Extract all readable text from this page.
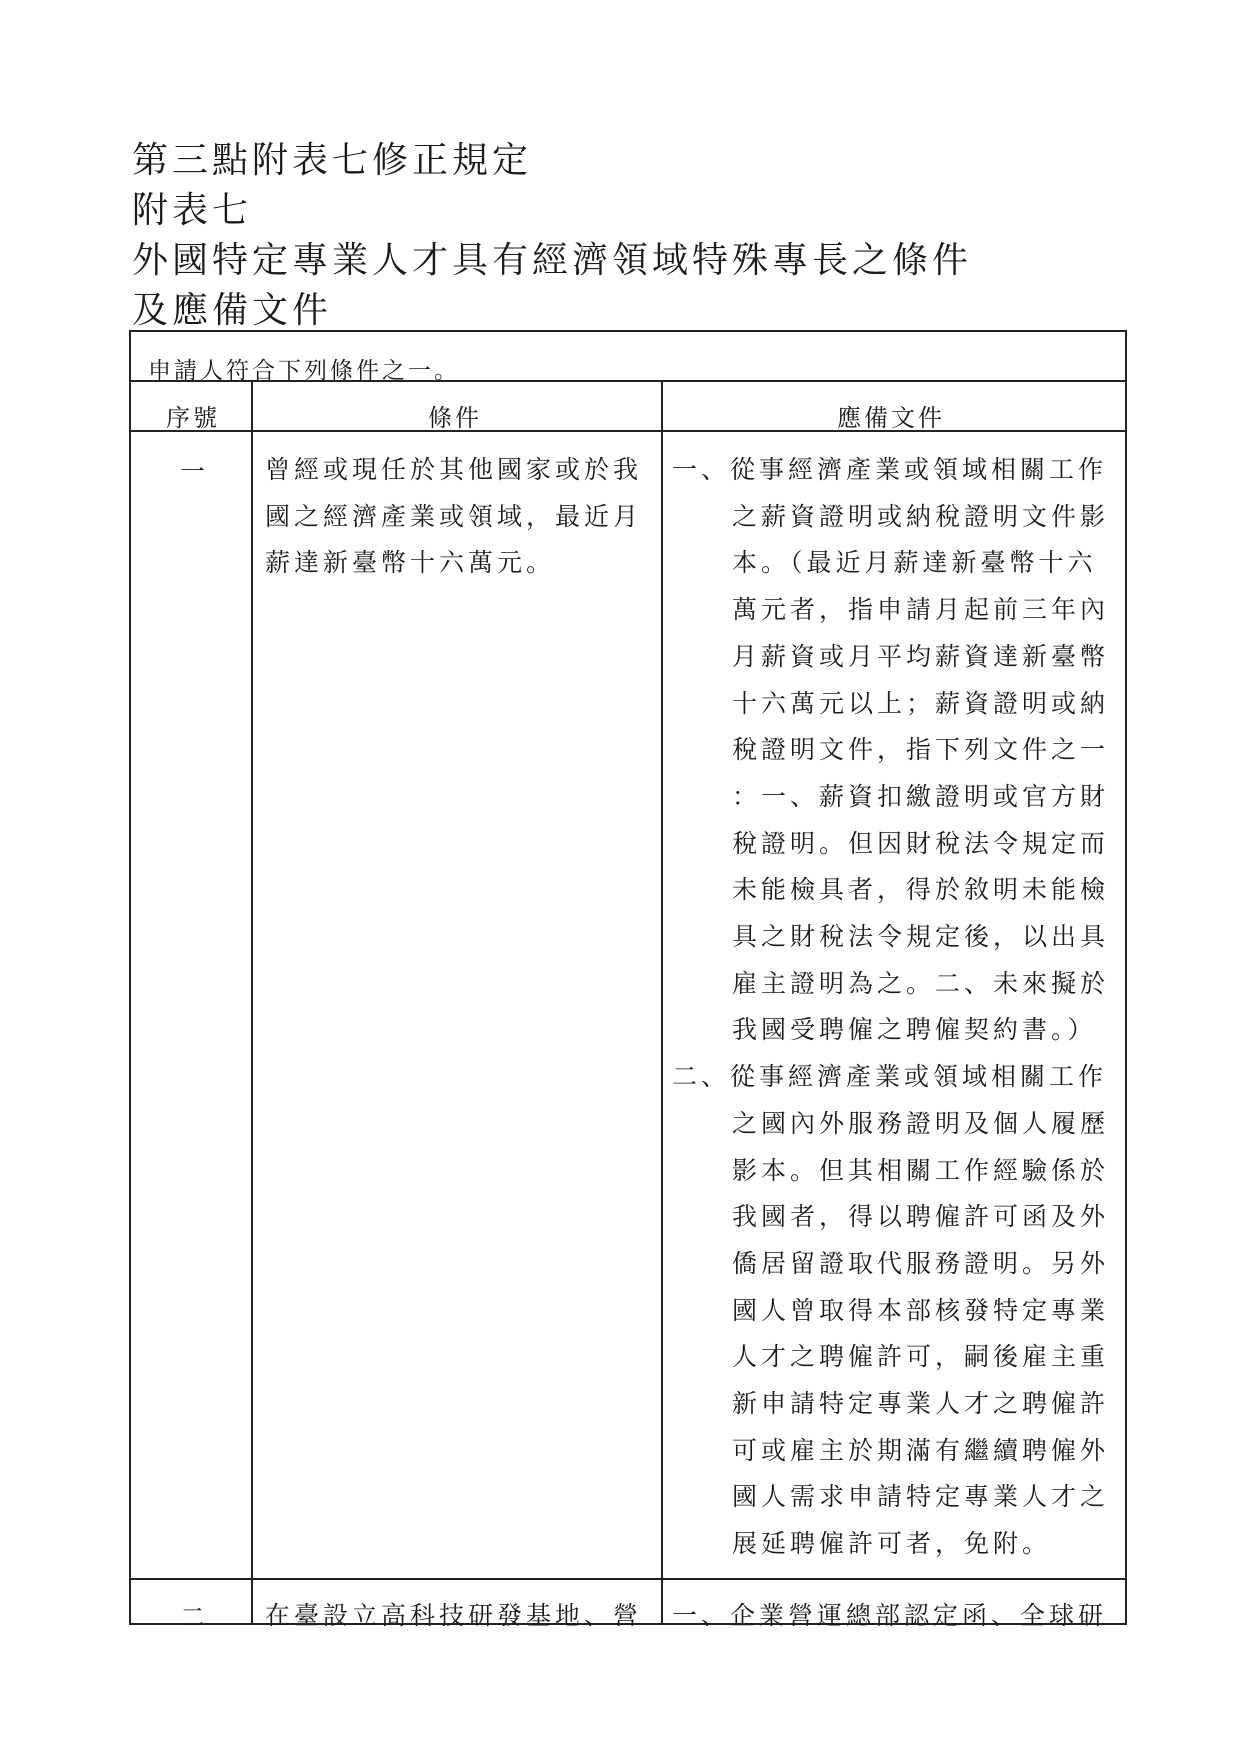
第三點附表七修正規定
附表七
外國特定專業人才具有經濟領域特殊專長之條件
及應備文件
申請人符合下列條件之一。
序號	條件	應備文件
一 曾經或現任於其他國家或於我
國之經濟產業或領域，最近月
薪達新臺幣十六萬元。
一、從事經濟產業或領域相關工作
之薪資證明或納稅證明文件影
本。（最近月薪達新臺幣十六
萬元者，指申請月起前三年內
月薪資或月平均薪資達新臺幣
十六萬元以上；薪資證明或納
稅證明文件，指下列文件之一
：一、薪資扣繳證明或官方財
稅證明。但因財稅法令規定而
未能檢具者，得於敘明未能檢
具之財稅法令規定後，以出具
雇主證明為之。二、未來擬於
我國受聘僱之聘僱契約書。）
二、從事經濟產業或領域相關工作
之國內外服務證明及個人履歷
影本。但其相關工作經驗係於
我國者，得以聘僱許可函及外
僑居留證取代服務證明。另外
國人曾取得本部核發特定專業
人才之聘僱許可，嗣後雇主重
新申請特定專業人才之聘僱許
可或雇主於期滿有繼續聘僱外
國人需求申請特定專業人才之
展延聘僱許可者，免附。
二 在臺設立高科技研發基地、營 一、企業營運總部認定函、全球研
